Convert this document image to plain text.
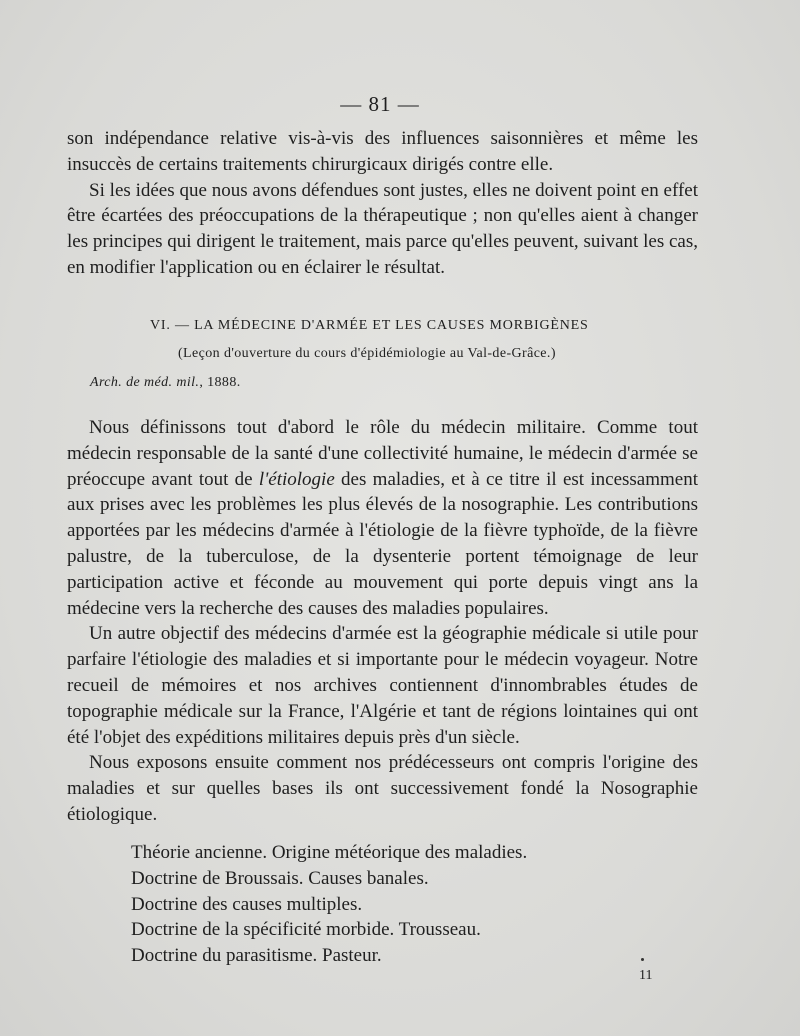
— 81 —

son indépendance relative vis-à-vis des influences saisonnières et même les insuccès de certains traitements chirurgicaux dirigés contre elle.

Si les idées que nous avons défendues sont justes, elles ne doivent point en effet être écartées des préoccupations de la thérapeutique ; non qu'elles aient à changer les principes qui dirigent le traitement, mais parce qu'elles peuvent, suivant les cas, en modifier l'application ou en éclairer le résultat.

VI. — LA MÉDECINE D'ARMÉE ET LES CAUSES MORBIGÈNES
(Leçon d'ouverture du cours d'épidémiologie au Val-de-Grâce.)
Arch. de méd. mil., 1888.

Nous définissons tout d'abord le rôle du médecin militaire. Comme tout médecin responsable de la santé d'une collectivité humaine, le médecin d'armée se préoccupe avant tout de l'étiologie des maladies, et à ce titre il est incessamment aux prises avec les problèmes les plus élevés de la nosographie. Les contributions apportées par les médecins d'armée à l'étiologie de la fièvre typhoïde, de la fièvre palustre, de la tuberculose, de la dysenterie portent témoignage de leur participation active et féconde au mouvement qui porte depuis vingt ans la médecine vers la recherche des causes des maladies populaires.

Un autre objectif des médecins d'armée est la géographie médicale si utile pour parfaire l'étiologie des maladies et si importante pour le médecin voyageur. Notre recueil de mémoires et nos archives contiennent d'innombrables études de topographie médicale sur la France, l'Algérie et tant de régions lointaines qui ont été l'objet des expéditions militaires depuis près d'un siècle.

Nous exposons ensuite comment nos prédécesseurs ont compris l'origine des maladies et sur quelles bases ils ont successivement fondé la Nosographie étiologique.

Théorie ancienne. Origine météorique des maladies.
Doctrine de Broussais. Causes banales.
Doctrine des causes multiples.
Doctrine de la spécificité morbide. Trousseau.
Doctrine du parasitisme. Pasteur.
11
